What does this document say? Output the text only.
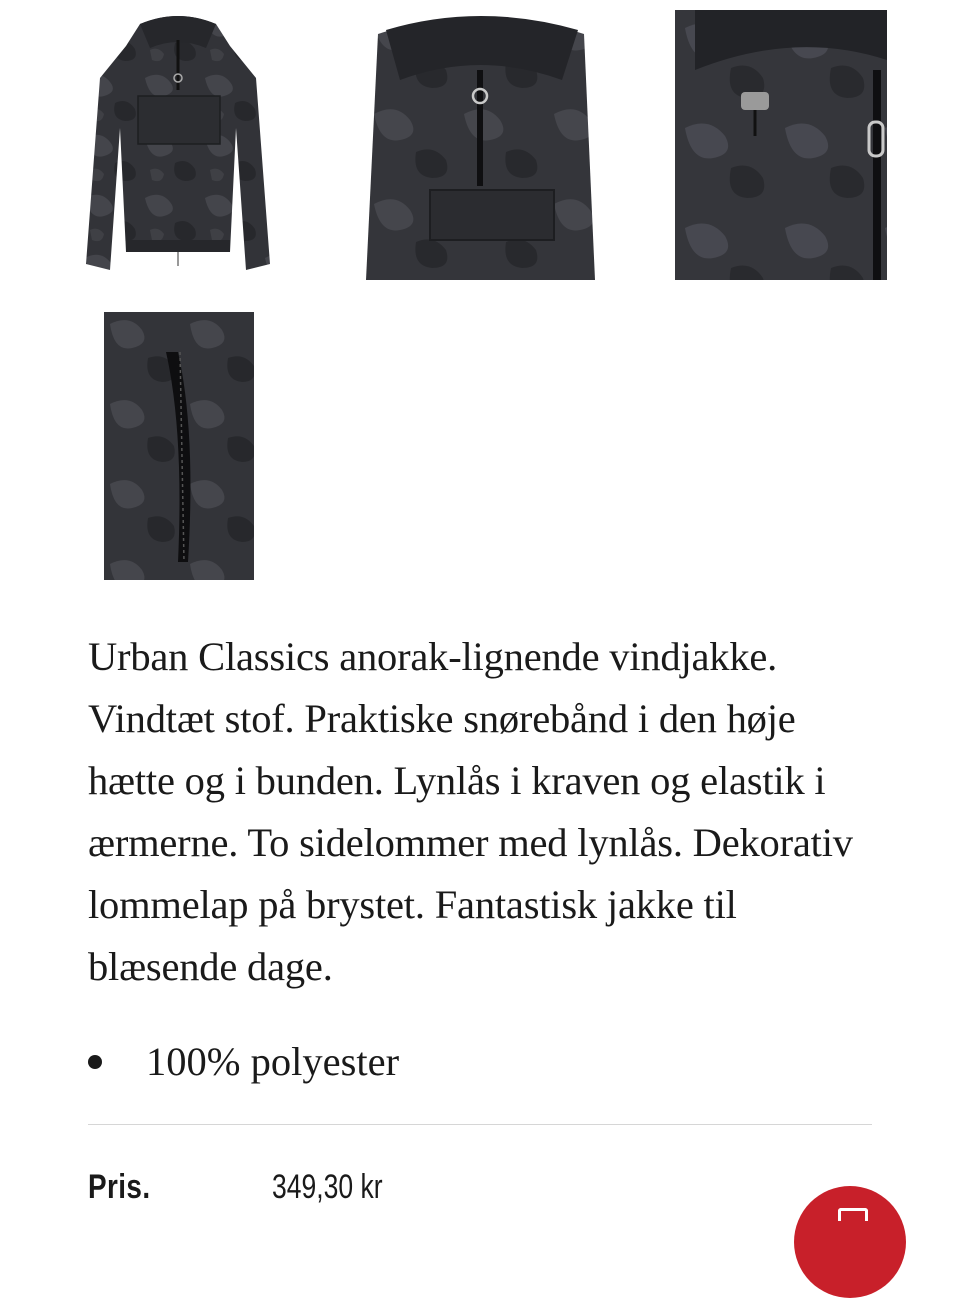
Urban Classics anorak-lignende vindjakke. Vindtæt stof. Praktiske snørebånd i den høje hætte og i bunden. Lynlås i kraven og elastik i ærmerne. To sidelommer med lynlås. Dekorativ lommelap på brystet. Fantastisk jakke til blæsende dage.

100% polyester
Pris.	349,30 kr
